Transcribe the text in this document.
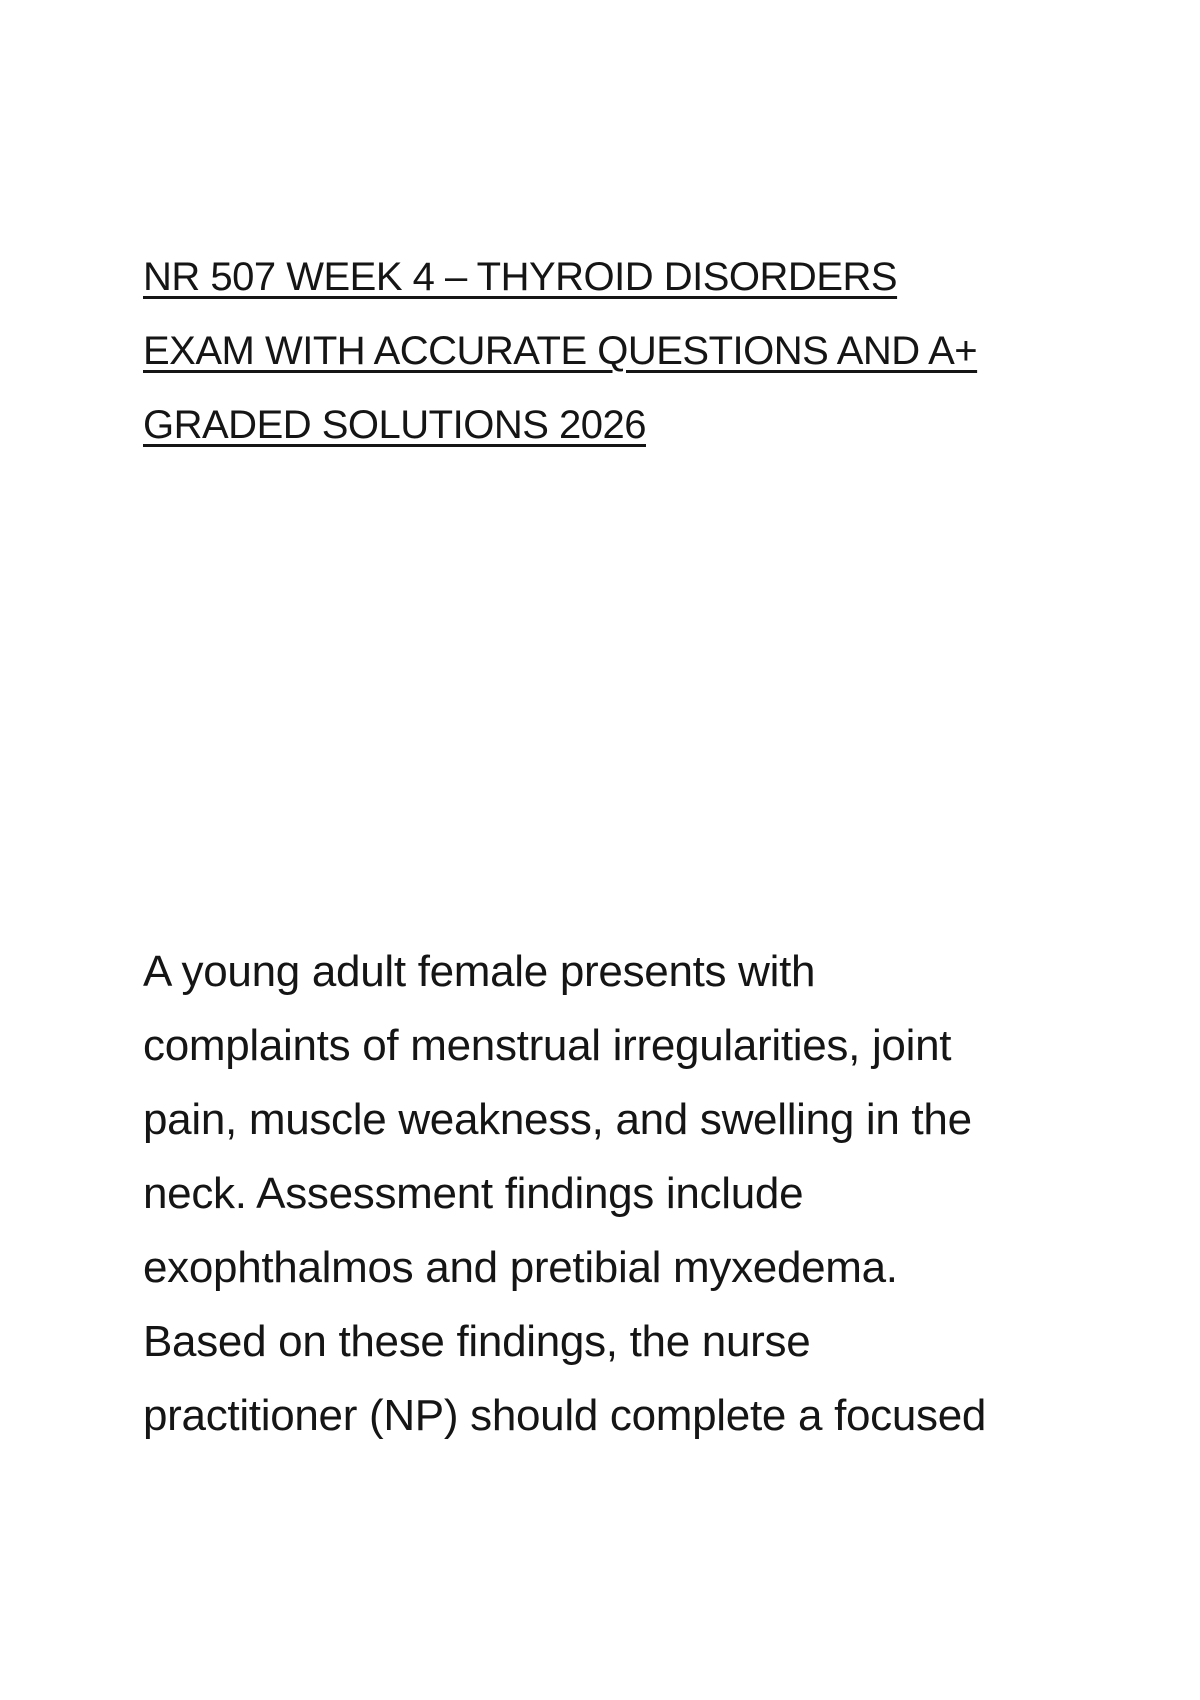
NR 507 WEEK 4 – THYROID DISORDERS
EXAM WITH ACCURATE QUESTIONS AND A+
GRADED SOLUTIONS 2026

A young adult female presents with
complaints of menstrual irregularities, joint
pain, muscle weakness, and swelling in the
neck. Assessment findings include
exophthalmos and pretibial myxedema.
Based on these findings, the nurse
practitioner (NP) should complete a focused
